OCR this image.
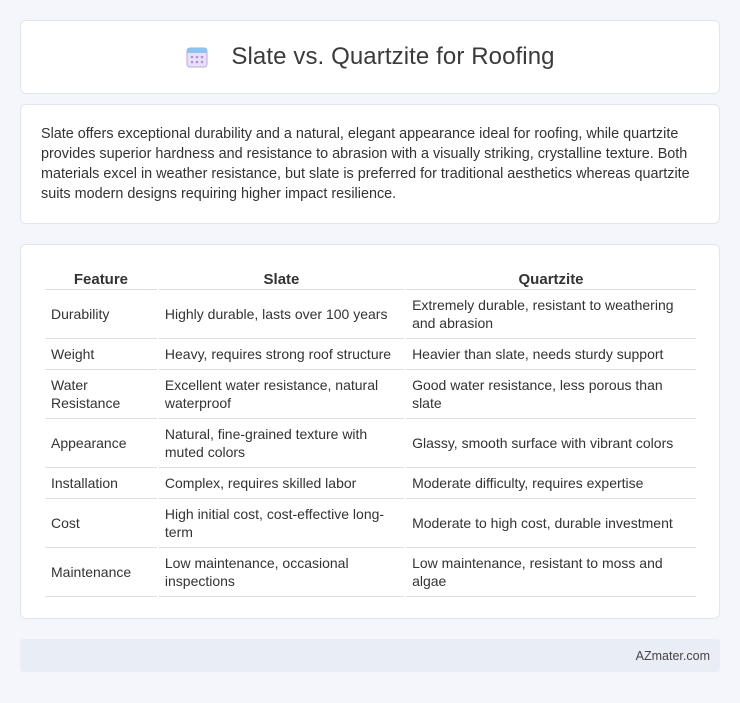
Slate vs. Quartzite for Roofing

Slate offers exceptional durability and a natural, elegant appearance ideal for roofing, while quartzite provides superior hardness and resistance to abrasion with a visually striking, crystalline texture. Both materials excel in weather resistance, but slate is preferred for traditional aesthetics whereas quartzite suits modern designs requiring higher impact resilience.

Feature	Slate	Quartzite
Durability	Highly durable, lasts over 100 years	Extremely durable, resistant to weathering and abrasion
Weight	Heavy, requires strong roof structure	Heavier than slate, needs sturdy support
Water Resistance	Excellent water resistance, natural waterproof	Good water resistance, less porous than slate
Appearance	Natural, fine-grained texture with muted colors	Glassy, smooth surface with vibrant colors
Installation	Complex, requires skilled labor	Moderate difficulty, requires expertise
Cost	High initial cost, cost-effective long-term	Moderate to high cost, durable investment
Maintenance	Low maintenance, occasional inspections	Low maintenance, resistant to moss and algae
AZmater.com
